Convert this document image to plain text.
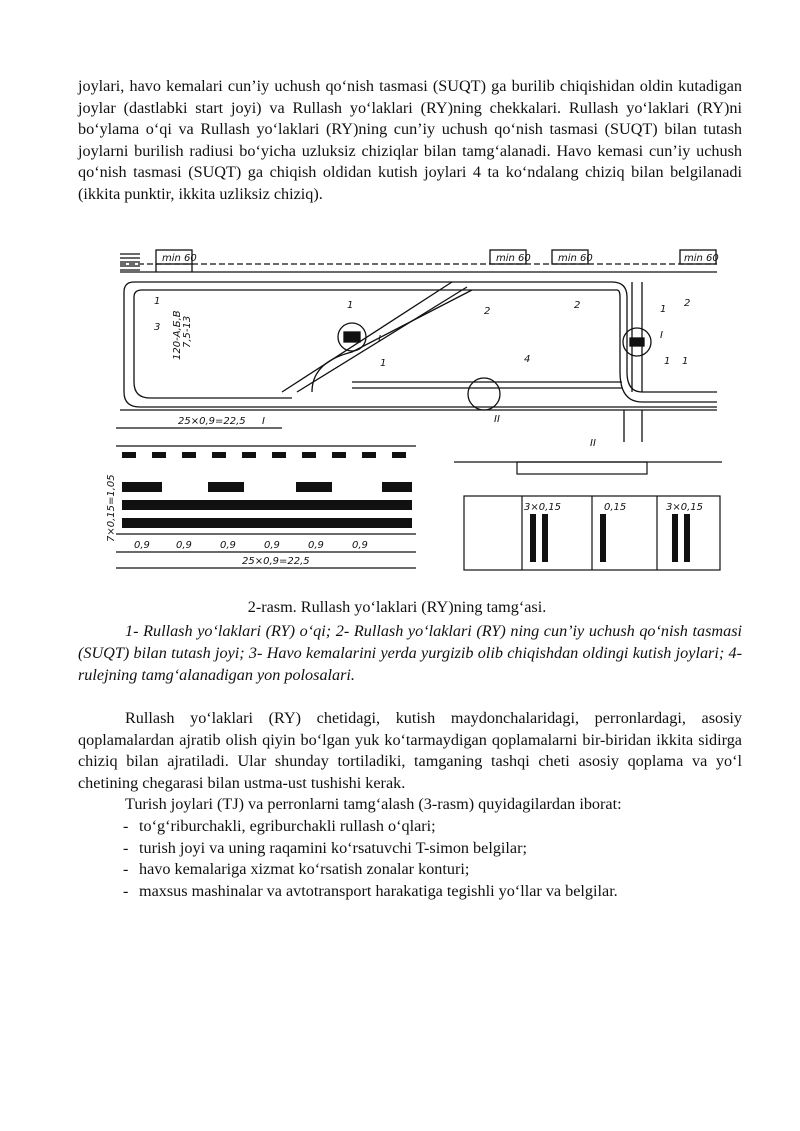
joylari, havo kemalari cun’iy uchush qo‘nish tasmasi (SUQT) ga burilib chiqishidan oldin kutadigan joylar (dastlabki start joyi) va Rullash yo‘laklari (RY)ning chekkalari. Rullash yo‘laklari (RY)ni bo‘ylama o‘qi va Rullash yo‘laklari (RY)ning cun’iy uchush qo‘nish tasmasi (SUQT) bilan tutash joylarni burilish radiusi bo‘yicha uzluksiz chiziqlar bilan tamg‘alanadi. Havo kemasi cun’iy uchush qo‘nish tasmasi (SUQT) ga chiqish oldidan kutish joylari 4 ta ko‘ndalang chiziq bilan belgilanadi (ikkita punktir, ikkita uzliksiz chiziq).

min 60	min 60	min 60	min 60
1
3
1
1
2
2	2
1
1 1
4
I	I
II
120-А,Б,В 7,5-13
25×0,9=22,5 I
0,9	0,9	0,9	0,9	0,9	0,9
25×0,9=22,5
7×0,15=1,05
II
3×0,15	0,15	3×0,15

2-rasm. Rullash yo‘laklari (RY)ning tamg‘asi.

1- Rullash yo‘laklari (RY) o‘qi; 2- Rullash yo‘laklari (RY) ning cun’iy uchush qo‘nish tasmasi (SUQT) bilan tutash joyi; 3- Havo kemalarini yerda yurgizib olib chiqishdan oldingi kutish joylari; 4- rulejning tamg‘alanadigan yon polosalari.

Rullash yo‘laklari (RY) chetidagi, kutish maydonchalaridagi, perronlardagi, asosiy qoplamalardan ajratib olish qiyin bo‘lgan yuk ko‘tarmaydigan qoplamalarni bir-biridan ikkita sidirga chiziq bilan ajratiladi. Ular shunday tortiladiki, tamganing tashqi cheti asosiy qoplama va yo‘l chetining chegarasi bilan ustma-ust tushishi kerak.

Turish joylari (TJ) va perronlarni tamg‘alash (3-rasm) quyidagilardan iborat:

- to‘g‘riburchakli, egriburchakli rullash o‘qlari;
- turish joyi va uning raqamini ko‘rsatuvchi T-simon belgilar;
- havo kemalariga xizmat ko‘rsatish zonalar konturi;
- maxsus mashinalar va avtotransport harakatiga tegishli yo‘llar va belgilar.
